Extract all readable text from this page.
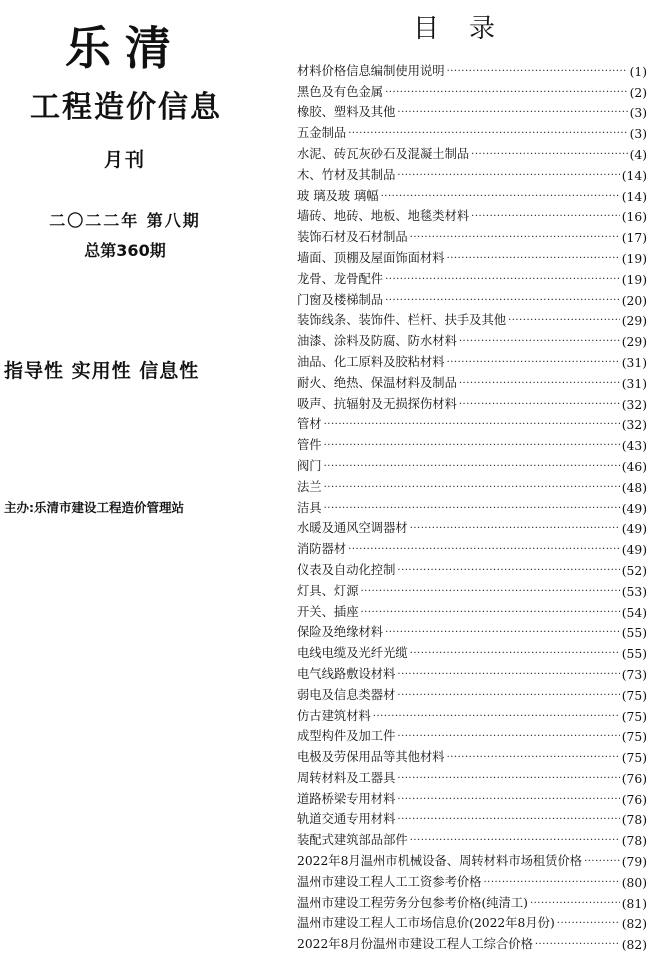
乐清
工程造价信息
月刊
二〇二二年 第八期
总第360期
指导性 实用性 信息性
主办:乐清市建设工程造价管理站
目录
材料价格信息编制使用说明 ·····	(1)
黑色及有色金属 ·····	(2)
橡胶、塑料及其他 ·····	(3)
五金制品 ·····	(3)
水泥、砖瓦灰砂石及混凝土制品 ·····	(4)
木、竹材及其制品 ·····	(14)
玻 璃及玻 璃幅 ·····	(14)
墙砖、地砖、地板、地毯类材料 ·····	(16)
装饰石材及石材制品 ·····	(17)
墙面、顶棚及屋面饰面材料 ·····	(19)
龙骨、龙骨配件 ·····	(19)
门窗及楼梯制品 ·····	(20)
装饰线条、装饰件、栏杆、扶手及其他 ·····	(29)
油漆、涂料及防腐、防水材料 ·····	(29)
油品、化工原料及胶粘材料 ·····	(31)
耐火、绝热、保温材料及制品 ·····	(31)
吸声、抗辐射及无损探伤材料 ·····	(32)
管材 ·····	(32)
管件 ·····	(43)
阀门 ·····	(46)
法兰 ·····	(48)
洁具 ·····	(49)
水暖及通风空调器材 ·····	(49)
消防器材 ·····	(49)
仪表及自动化控制 ·····	(52)
灯具、灯源 ·····	(53)
开关、插座 ·····	(54)
保险及绝缘材料 ·····	(55)
电线电缆及光纤光缆 ·····	(55)
电气线路敷设材料 ·····	(73)
弱电及信息类器材 ·····	(75)
仿古建筑材料 ·····	(75)
成型构件及加工件 ·····	(75)
电极及劳保用品等其他材料 ·····	(75)
周转材料及工器具 ·····	(76)
道路桥梁专用材料 ·····	(76)
轨道交通专用材料 ·····	(78)
装配式建筑部品部件 ·····	(78)
2022年8月温州市机械设备、周转材料市场租赁价格 ·····	(79)
温州市建设工程人工工资参考价格 ·····	(80)
温州市建设工程劳务分包参考价格(纯清工) ·····	(81)
温州市建设工程人工市场信息价(2022年8月份) ·····	(82)
2022年8月份温州市建设工程人工综合价格 ·····	(82)
